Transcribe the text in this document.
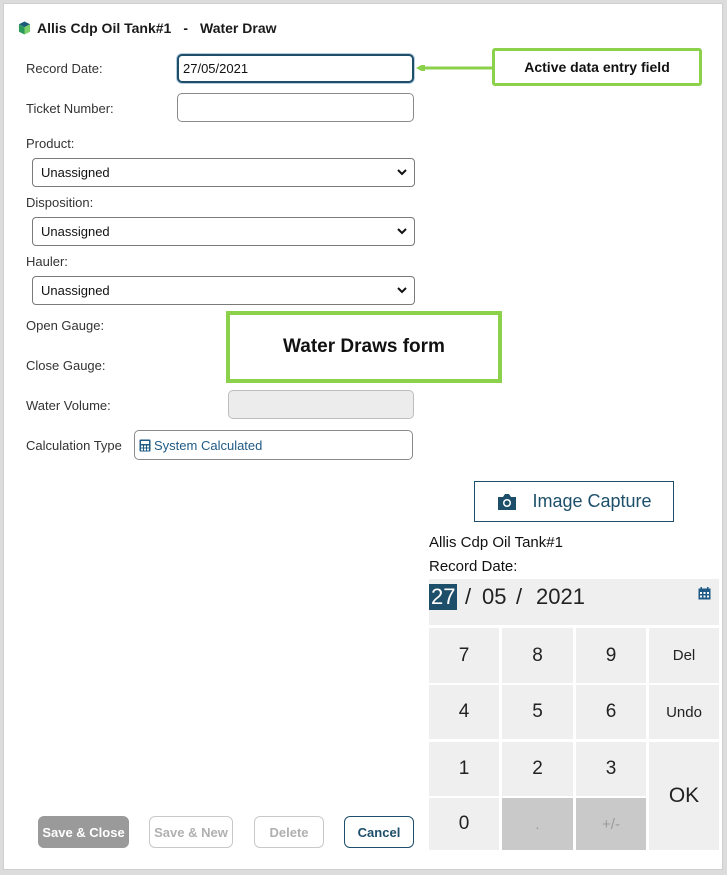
Allis Cdp Oil Tank#1 - Water Draw
Record Date:	27/05/2021	Active data entry field
Ticket Number:
Product:
Unassigned
Disposition:
Unassigned
Hauler:
Unassigned
Open Gauge:
Close Gauge:
Water Draws form
Water Volume:
Calculation Type System Calculated
Image Capture
Allis Cdp Oil Tank#1
Record Date:
27 / 05 / 2021
7	8	9	Del
4	5	6	Undo
1	2	3
OK
0	.	+/-
Save & Close	Save & New	Delete	Cancel
